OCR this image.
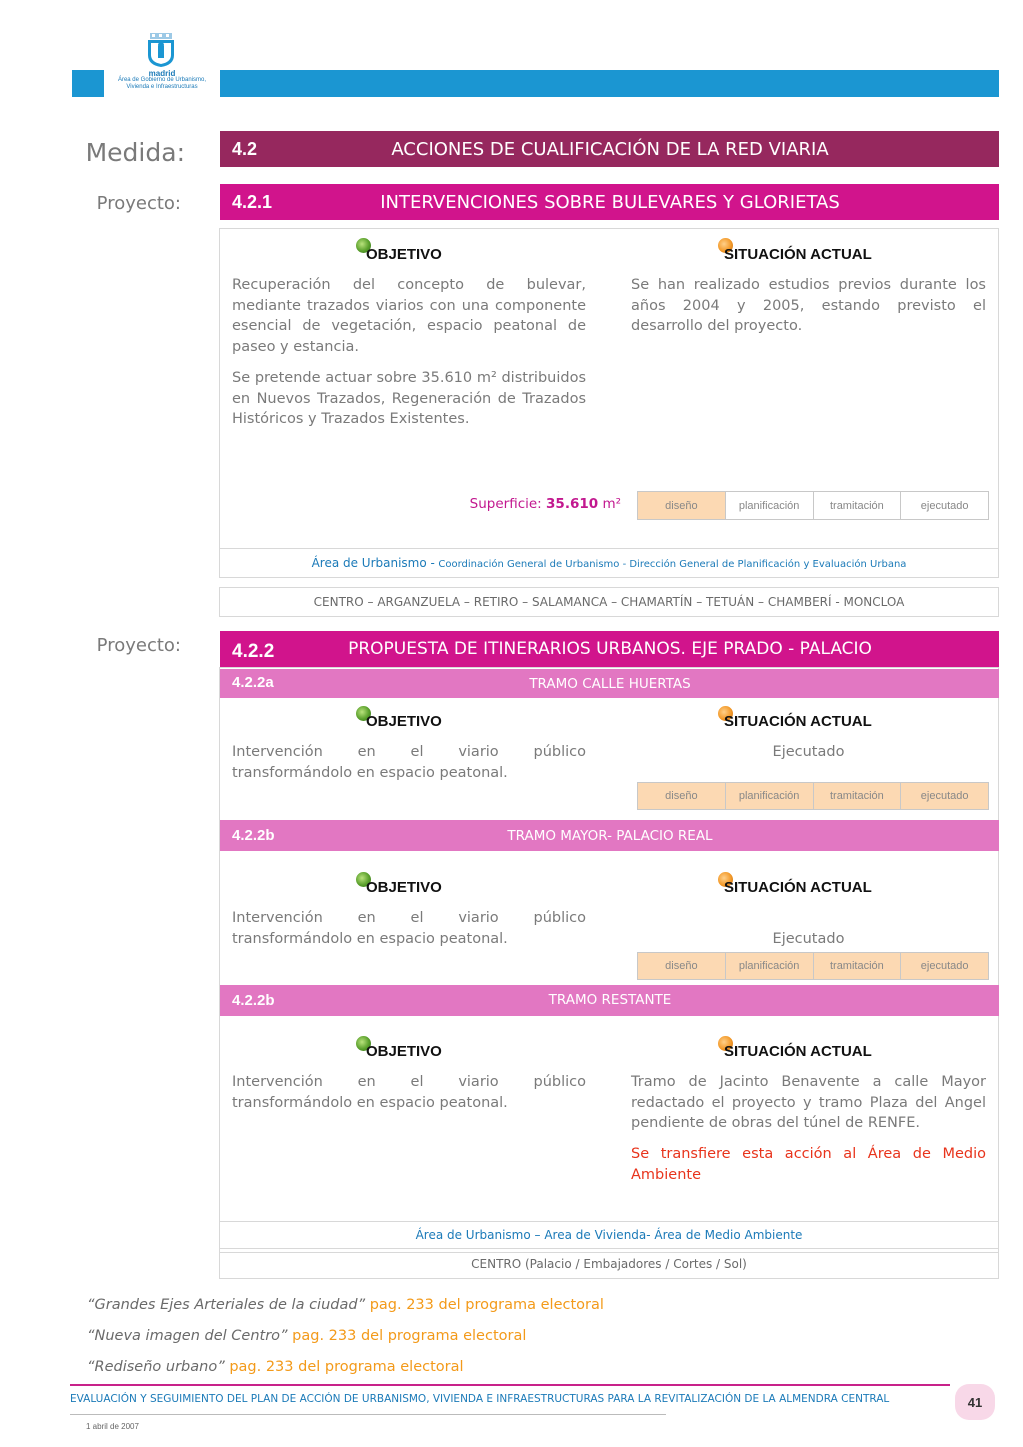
madrid
Área de Gobierno de Urbanismo,
Vivienda e Infraestructuras
Medida:	4.2	ACCIONES DE CUALIFICACIÓN DE LA RED VIARIA
Proyecto:	4.2.1	INTERVENCIONES SOBRE BULEVARES Y GLORIETAS
OBJETIVO	SITUACIÓN ACTUAL

Recuperación del concepto de bulevar, mediante trazados viarios con una componente esencial de vegetación, espacio peatonal de paseo y estancia.

Se pretende actuar sobre 35.610 m² distribuidos en Nuevos Trazados, Regeneración de Trazados Históricos y Trazados Existentes.

Se han realizado estudios previos durante los años 2004 y 2005, estando previsto el desarrollo del proyecto.

Superficie: 35.610 m²	diseño	planificación	tramitación	ejecutado
Área de Urbanismo - Coordinación General de Urbanismo - Dirección General de Planificación y Evaluación Urbana
CENTRO – ARGANZUELA – RETIRO – SALAMANCA – CHAMARTÍN – TETUÁN – CHAMBERÍ - MONCLOA
Proyecto:	4.2.2	PROPUESTA DE ITINERARIOS URBANOS. EJE PRADO - PALACIO
4.2.2a	TRAMO CALLE HUERTAS
OBJETIVO	SITUACIÓN ACTUAL
Intervención en el viario público transformándolo en espacio peatonal.
Ejecutado
diseño	planificación	tramitación	ejecutado
4.2.2b	TRAMO MAYOR- PALACIO REAL
OBJETIVO	SITUACIÓN ACTUAL
Intervención en el viario público transformándolo en espacio peatonal.	Ejecutado
diseño	planificación	tramitación	ejecutado
4.2.2b	TRAMO RESTANTE
OBJETIVO	SITUACIÓN ACTUAL
Intervención en el viario público transformándolo en espacio peatonal.

Tramo de Jacinto Benavente a calle Mayor redactado el proyecto y tramo Plaza del Angel pendiente de obras del túnel de RENFE.

Se transfiere esta acción al Área de Medio Ambiente

Área de Urbanismo – Area de Vivienda- Área de Medio Ambiente
CENTRO (Palacio / Embajadores / Cortes / Sol)
“Grandes Ejes Arteriales de la ciudad” pag. 233 del programa electoral
“Nueva imagen del Centro” pag. 233 del programa electoral
“Rediseño urbano” pag. 233 del programa electoral
EVALUACIÓN Y SEGUIMIENTO DEL PLAN DE ACCIÓN DE URBANISMO, VIVIENDA E INFRAESTRUCTURAS PARA LA REVITALIZACIÓN DE LA ALMENDRA CENTRAL	41
1 abril de 2007
